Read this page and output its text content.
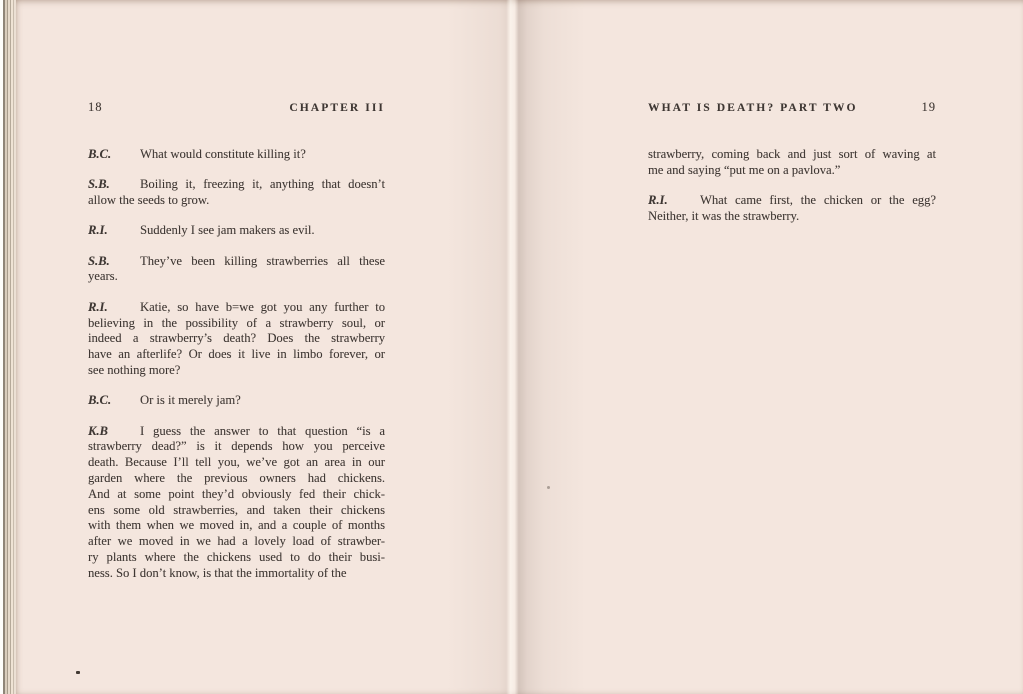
18	CHAPTER III
B.C. What would constitute killing it?
S.B. Boiling it, freezing it, anything that doesn’t
allow the seeds to grow.
R.I.	Suddenly I see jam makers as evil.
S.B. They’ve been killing strawberries all these
years.
R.I.	Katie, so have b=we got you any further to
believing in the possibility of a strawberry soul, or
indeed a strawberry’s death? Does the strawberry
have an afterlife? Or does it live in limbo forever, or
see nothing more?
B.C. Or is it merely jam?
K.B	I guess the answer to that question “is a
strawberry dead?” is it depends how you perceive
death. Because I’ll tell you, we’ve got an area in our
garden where the previous owners had chickens.
And at some point they’d obviously fed their chick-
ens some old strawberries, and taken their chickens
with them when we moved in, and a couple of months
after we moved in we had a lovely load of strawber-
ry plants where the chickens used to do their busi-
ness. So I don’t know, is that the immortality of the
WHAT IS DEATH? PART TWO	19
strawberry, coming back and just sort of waving at
me and saying “put me on a pavlova.”
R.I.	What came first, the chicken or the egg?
Neither, it was the strawberry.
